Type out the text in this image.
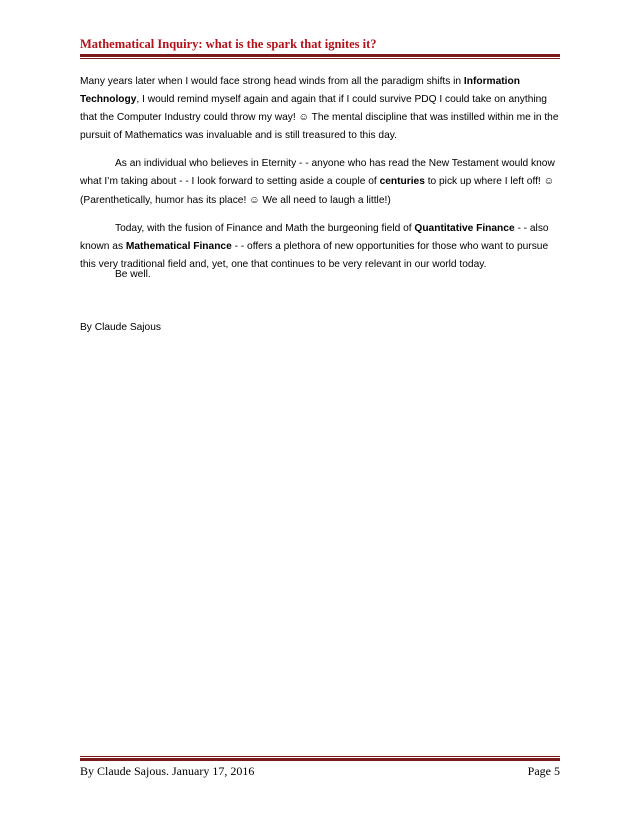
Mathematical Inquiry: what is the spark that ignites it?

Many years later when I would face strong head winds from all the paradigm shifts in Information Technology, I would remind myself again and again that if I could survive PDQ I could take on anything that the Computer Industry could throw my way! ☺ The mental discipline that was instilled within me in the pursuit of Mathematics was invaluable and is still treasured to this day.

As an individual who believes in Eternity - - anyone who has read the New Testament would know what I’m taking about - - I look forward to setting aside a couple of centuries to pick up where I left off! ☺ (Parenthetically, humor has its place! ☺ We all need to laugh a little!)

Today, with the fusion of Finance and Math the burgeoning field of Quantitative Finance - - also known as Mathematical Finance - - offers a plethora of new opportunities for those who want to pursue this very traditional field and, yet, one that continues to be very relevant in our world today.

Be well.
By Claude Sajous
By Claude Sajous. January 17, 2016	Page 5
